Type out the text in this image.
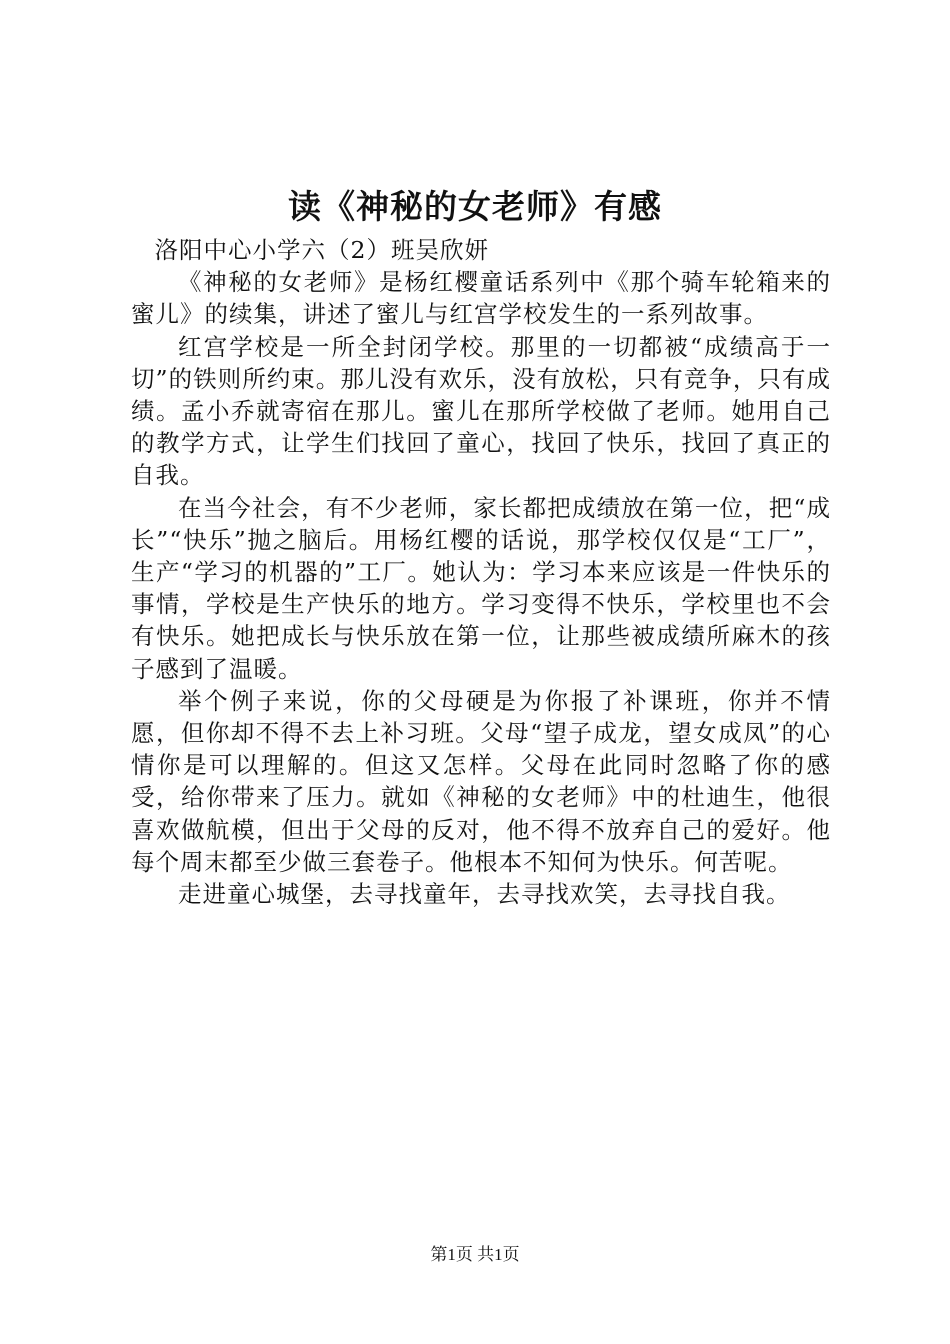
读《神秘的女老师》有感

洛阳中心小学六（2）班吴欣妍

《神秘的女老师》是杨红樱童话系列中《那个骑车轮箱来的蜜儿》的续集，讲述了蜜儿与红宫学校发生的一系列故事。

红宫学校是一所全封闭学校。那里的一切都被“成绩高于一切”的铁则所约束。那儿没有欢乐，没有放松，只有竞争，只有成绩。孟小乔就寄宿在那儿。蜜儿在那所学校做了老师。她用自己的教学方式，让学生们找回了童心，找回了快乐，找回了真正的自我。

在当今社会，有不少老师，家长都把成绩放在第一位，把“成长”“快乐”抛之脑后。用杨红樱的话说，那学校仅仅是“工厂”，生产“学习的机器的”工厂。她认为：学习本来应该是一件快乐的事情，学校是生产快乐的地方。学习变得不快乐，学校里也不会有快乐。她把成长与快乐放在第一位，让那些被成绩所麻木的孩子感到了温暖。

举个例子来说，你的父母硬是为你报了补课班，你并不情愿，但你却不得不去上补习班。父母“望子成龙，望女成凤”的心情你是可以理解的。但这又怎样。父母在此同时忽略了你的感受，给你带来了压力。就如《神秘的女老师》中的杜迪生，他很喜欢做航模，但出于父母的反对，他不得不放弃自己的爱好。他每个周末都至少做三套卷子。他根本不知何为快乐。何苦呢。

走进童心城堡，去寻找童年，去寻找欢笑，去寻找自我。

第1页 共1页
